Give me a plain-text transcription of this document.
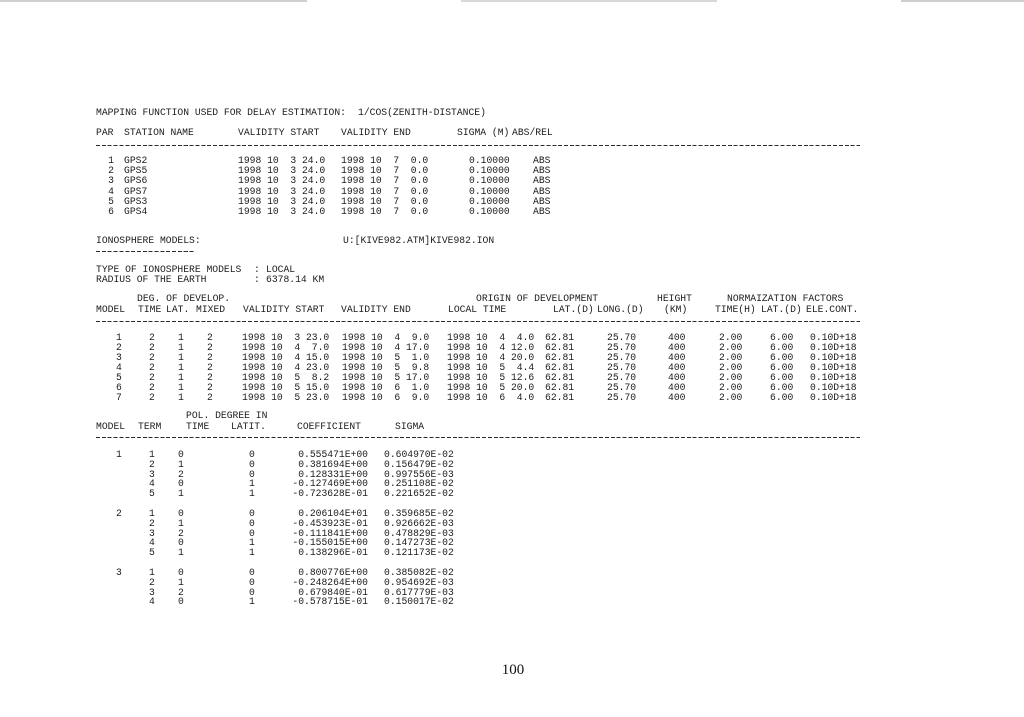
MAPPING FUNCTION USED FOR DELAY ESTIMATION: 1/COS(ZENITH-DISTANCE)
PAR STATION NAME	VALIDITY START VALIDITY END	SIGMA (M) ABS/REL
1 GPS2	1998 10  3 24.0 1998 10  7  0.0	0.10000 ABS
2 GPS5	1998 10  3 24.0 1998 10  7  0.0	0.10000 ABS
3 GPS6	1998 10  3 24.0 1998 10  7  0.0	0.10000 ABS
4 GPS7	1998 10  3 24.0 1998 10  7  0.0	0.10000 ABS
5 GPS3	1998 10  3 24.0 1998 10  7  0.0	0.10000 ABS
6 GPS4	1998 10  3 24.0 1998 10  7  0.0	0.10000 ABS
IONOSPHERE MODELS:	U:[KIVE982.ATM]KIVE982.ION
TYPE OF IONOSPHERE MODELS : LOCAL
RADIUS OF THE EARTH	: 6378.14 KM
DEG. OF DEVELOP.	ORIGIN OF DEVELOPMENT	HEIGHT	NORMAIZATION FACTORS
MODEL TIME LAT. MIXED VALIDITY START VALIDITY END	LOCAL TIME	LAT.(D) LONG.(D) (KM)	TIME(H) LAT.(D) ELE.CONT.
1	2 1 2	1998 10  3 23.0 1998 10  4  9.0 1998 10  4  4.0 62.81	25.70	400	2.00	6.00 0.10D+18
2	2 1 2	1998 10  4  7.0 1998 10  4 17.0 1998 10  4 12.0 62.81	25.70	400	2.00	6.00 0.10D+18
3	2 1 2	1998 10  4 15.0 1998 10  5  1.0 1998 10  4 20.0 62.81	25.70	400	2.00	6.00 0.10D+18
4	2 1 2	1998 10  4 23.0 1998 10  5  9.8 1998 10  5  4.4 62.81	25.70	400	2.00	6.00 0.10D+18
5	2 1 2	1998 10  5  8.2 1998 10  5 17.0 1998 10  5 12.6 62.81	25.70	400	2.00	6.00 0.10D+18
6	2 1 2	1998 10  5 15.0 1998 10  6  1.0 1998 10  5 20.0 62.81	25.70	400	2.00	6.00 0.10D+18
7	2 1 2	1998 10  5 23.0 1998 10  6  9.0 1998 10  6  4.0 62.81	25.70	400	2.00	6.00 0.10D+18
POL. DEGREE IN
MODEL TERM	TIME LATIT.	COEFFICIENT	SIGMA
1	1 0	0	0.555471E+00 0.604970E-02
2 1	0	0.381694E+00 0.156479E-02
3 2	0	0.128331E+00 0.997556E-03
4 0	1	-0.127469E+00 0.251108E-02
5 1	1	-0.723628E-01 0.221652E-02
2	1 0	0	0.206104E+01 0.359685E-02
2 1	0	-0.453923E-01 0.926662E-03
3 2	0	-0.111841E+00 0.478829E-03
4 0	1	-0.155015E+00 0.147273E-02
5 1	1	0.138296E-01 0.121173E-02
3	1 0	0	0.800776E+00 0.385082E-02
2 1	0	-0.248264E+00 0.954692E-03
3 2	0	0.679840E-01 0.617779E-03
4 0	1	-0.578715E-01 0.150017E-02
100
